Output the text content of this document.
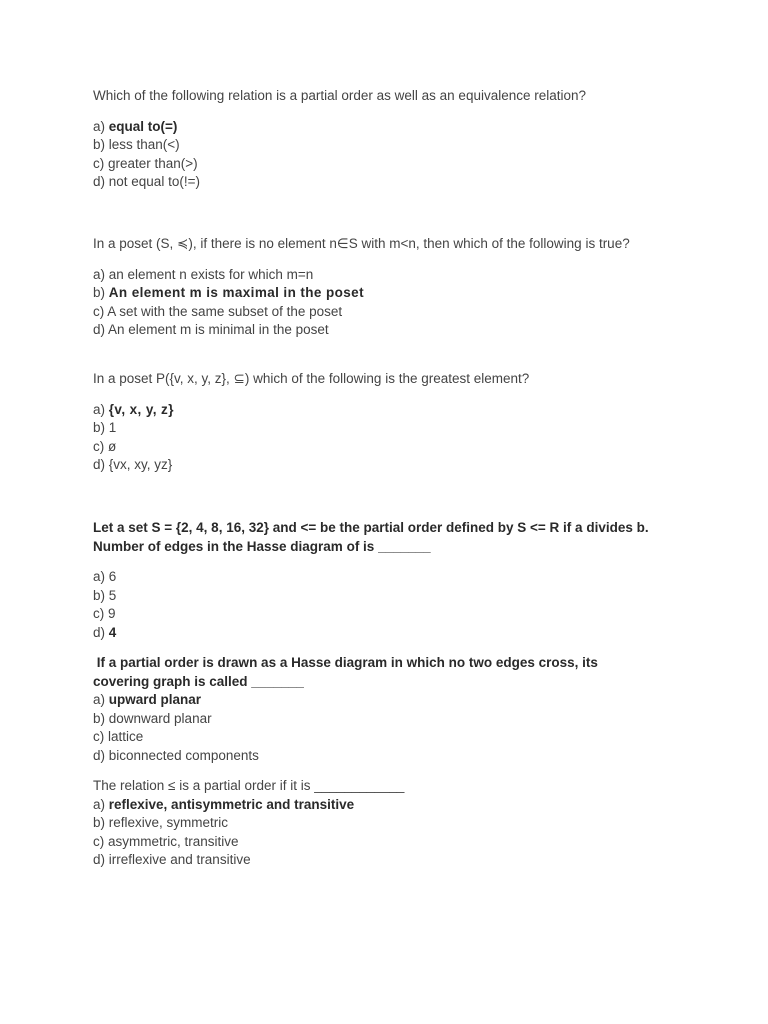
Which of the following relation is a partial order as well as an equivalence relation?

a) equal to(=)

b) less than(<)

c) greater than(>)

d) not equal to(!=)

In a poset (S, ≼), if there is no element n∈S with m<n, then which of the following is true?

a) an element n exists for which m=n

b) An element m is maximal in the poset

c) A set with the same subset of the poset

d) An element m is minimal in the poset

In a poset P({v, x, y, z}, ⊆) which of the following is the greatest element?

a) {v, x, y, z}

b) 1

c) ø

d) {vx, xy, yz}

Let a set S = {2, 4, 8, 16, 32} and <= be the partial order defined by S <= R if a divides b. Number of edges in the Hasse diagram of is _______

a) 6

b) 5

c) 9

d) 4

If a partial order is drawn as a Hasse diagram in which no two edges cross, its covering graph is called _______

a) upward planar

b) downward planar

c) lattice

d) biconnected components

The relation ≤ is a partial order if it is ____________

a) reflexive, antisymmetric and transitive

b) reflexive, symmetric

c) asymmetric, transitive

d) irreflexive and transitive
